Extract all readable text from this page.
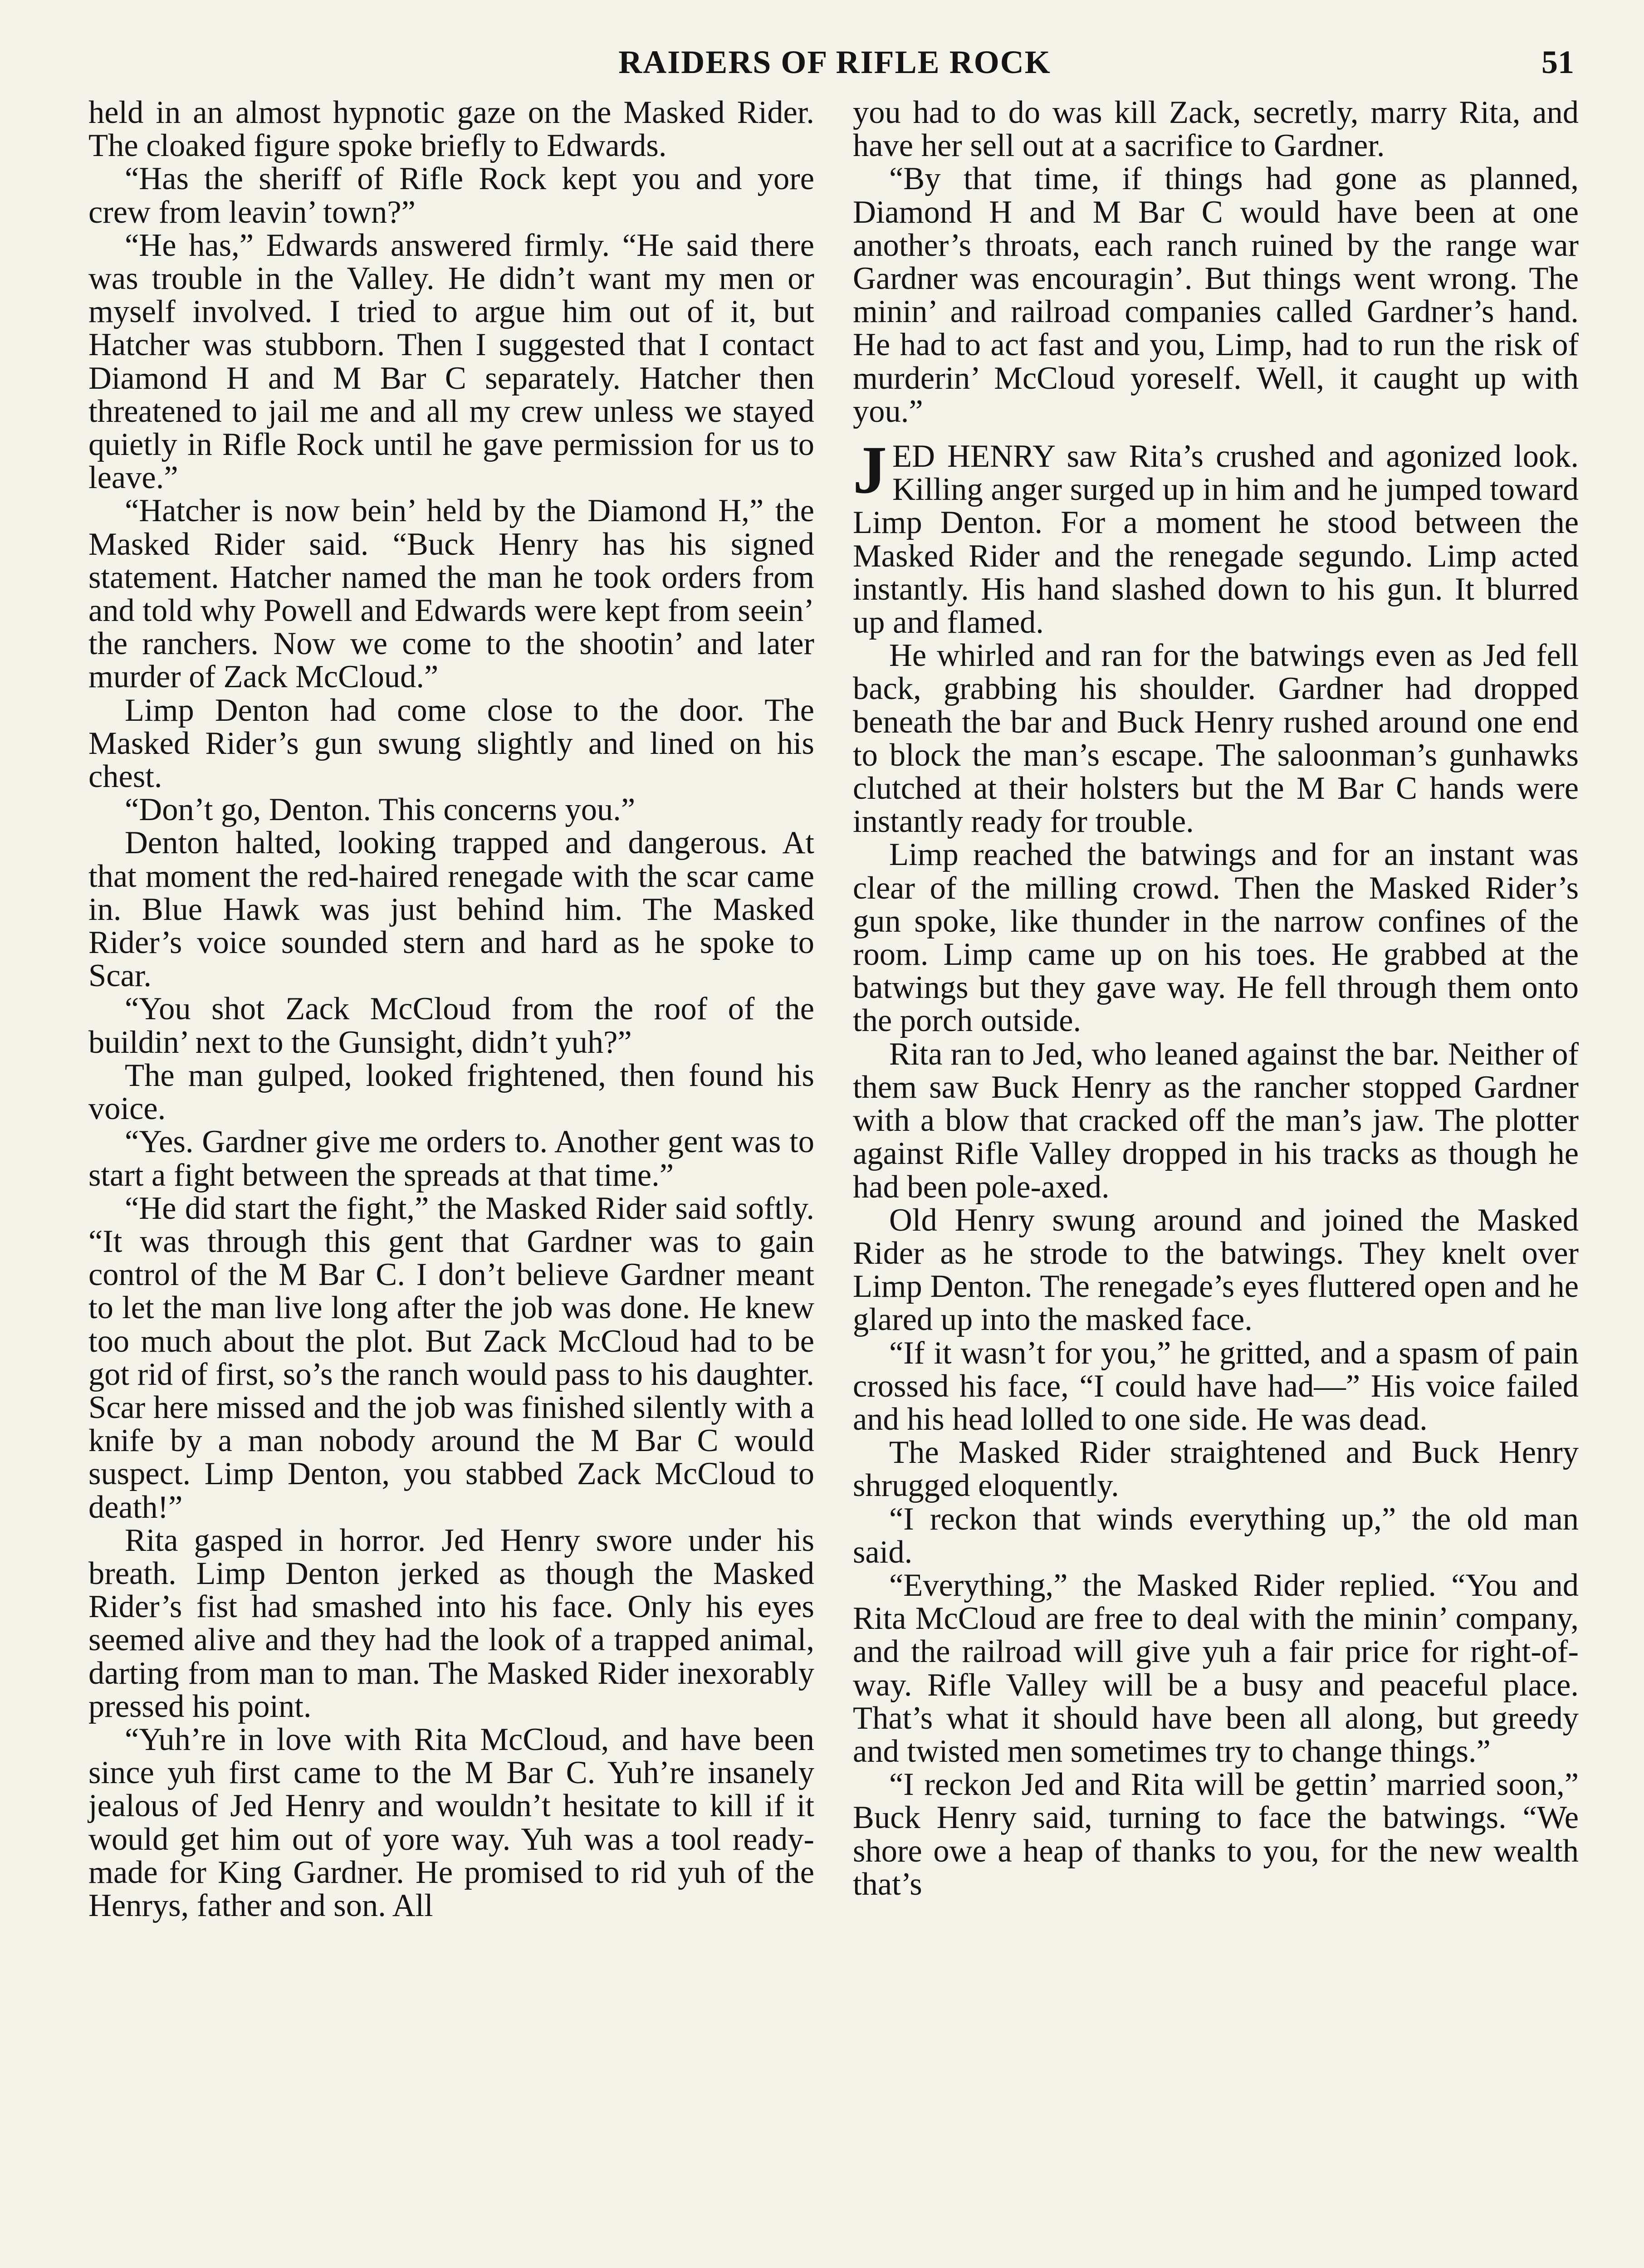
RAIDERS OF RIFLE ROCK	51

held in an almost hypnotic gaze on the Masked Rider. The cloaked figure spoke briefly to Edwards.

“Has the sheriff of Rifle Rock kept you and yore crew from leavin’ town?”

“He has,” Edwards answered firmly. “He said there was trouble in the Valley. He didn’t want my men or myself involved. I tried to argue him out of it, but Hatcher was stubborn. Then I suggested that I contact Diamond H and M Bar C separately. Hatcher then threatened to jail me and all my crew unless we stayed quietly in Rifle Rock until he gave permission for us to leave.”

“Hatcher is now bein’ held by the Diamond H,” the Masked Rider said. “Buck Henry has his signed statement. Hatcher named the man he took orders from and told why Powell and Edwards were kept from seein’ the ranchers. Now we come to the shootin’ and later murder of Zack McCloud.”

Limp Denton had come close to the door. The Masked Rider’s gun swung slightly and lined on his chest.

“Don’t go, Denton. This concerns you.”

Denton halted, looking trapped and dangerous. At that moment the red-haired renegade with the scar came in. Blue Hawk was just behind him. The Masked Rider’s voice sounded stern and hard as he spoke to Scar.

“You shot Zack McCloud from the roof of the buildin’ next to the Gunsight, didn’t yuh?”

The man gulped, looked frightened, then found his voice.

“Yes. Gardner give me orders to. Another gent was to start a fight between the spreads at that time.”

“He did start the fight,” the Masked Rider said softly. “It was through this gent that Gardner was to gain control of the M Bar C. I don’t believe Gardner meant to let the man live long after the job was done. He knew too much about the plot. But Zack McCloud had to be got rid of first, so’s the ranch would pass to his daughter. Scar here missed and the job was finished silently with a knife by a man nobody around the M Bar C would suspect. Limp Denton, you stabbed Zack McCloud to death!”

Rita gasped in horror. Jed Henry swore under his breath. Limp Denton jerked as though the Masked Rider’s fist had smashed into his face. Only his eyes seemed alive and they had the look of a trapped animal, darting from man to man. The Masked Rider inexorably pressed his point.

“Yuh’re in love with Rita McCloud, and have been since yuh first came to the M Bar C. Yuh’re insanely jealous of Jed Henry and wouldn’t hesitate to kill if it would get him out of yore way. Yuh was a tool ready-made for King Gardner. He promised to rid yuh of the Henrys, father and son. All

you had to do was kill Zack, secretly, marry Rita, and have her sell out at a sacrifice to Gardner.

“By that time, if things had gone as planned, Diamond H and M Bar C would have been at one another’s throats, each ranch ruined by the range war Gardner was encouragin’. But things went wrong. The minin’ and railroad companies called Gardner’s hand. He had to act fast and you, Limp, had to run the risk of murderin’ McCloud yoreself. Well, it caught up with you.”

JED HENRY saw Rita’s crushed and agonized look. Killing anger surged up in him and he jumped toward Limp Denton. For a moment he stood between the Masked Rider and the renegade segundo. Limp acted instantly. His hand slashed down to his gun. It blurred up and flamed.

He whirled and ran for the batwings even as Jed fell back, grabbing his shoulder. Gardner had dropped beneath the bar and Buck Henry rushed around one end to block the man’s escape. The saloonman’s gunhawks clutched at their holsters but the M Bar C hands were instantly ready for trouble.

Limp reached the batwings and for an instant was clear of the milling crowd. Then the Masked Rider’s gun spoke, like thunder in the narrow confines of the room. Limp came up on his toes. He grabbed at the batwings but they gave way. He fell through them onto the porch outside.

Rita ran to Jed, who leaned against the bar. Neither of them saw Buck Henry as the rancher stopped Gardner with a blow that cracked off the man’s jaw. The plotter against Rifle Valley dropped in his tracks as though he had been pole-axed.

Old Henry swung around and joined the Masked Rider as he strode to the batwings. They knelt over Limp Denton. The renegade’s eyes fluttered open and he glared up into the masked face.

“If it wasn’t for you,” he gritted, and a spasm of pain crossed his face, “I could have had—” His voice failed and his head lolled to one side. He was dead.

The Masked Rider straightened and Buck Henry shrugged eloquently.

“I reckon that winds everything up,” the old man said.

“Everything,” the Masked Rider replied. “You and Rita McCloud are free to deal with the minin’ company, and the railroad will give yuh a fair price for right-of-way. Rifle Valley will be a busy and peaceful place. That’s what it should have been all along, but greedy and twisted men sometimes try to change things.”

“I reckon Jed and Rita will be gettin’ married soon,” Buck Henry said, turning to face the batwings. “We shore owe a heap of thanks to you, for the new wealth that’s
